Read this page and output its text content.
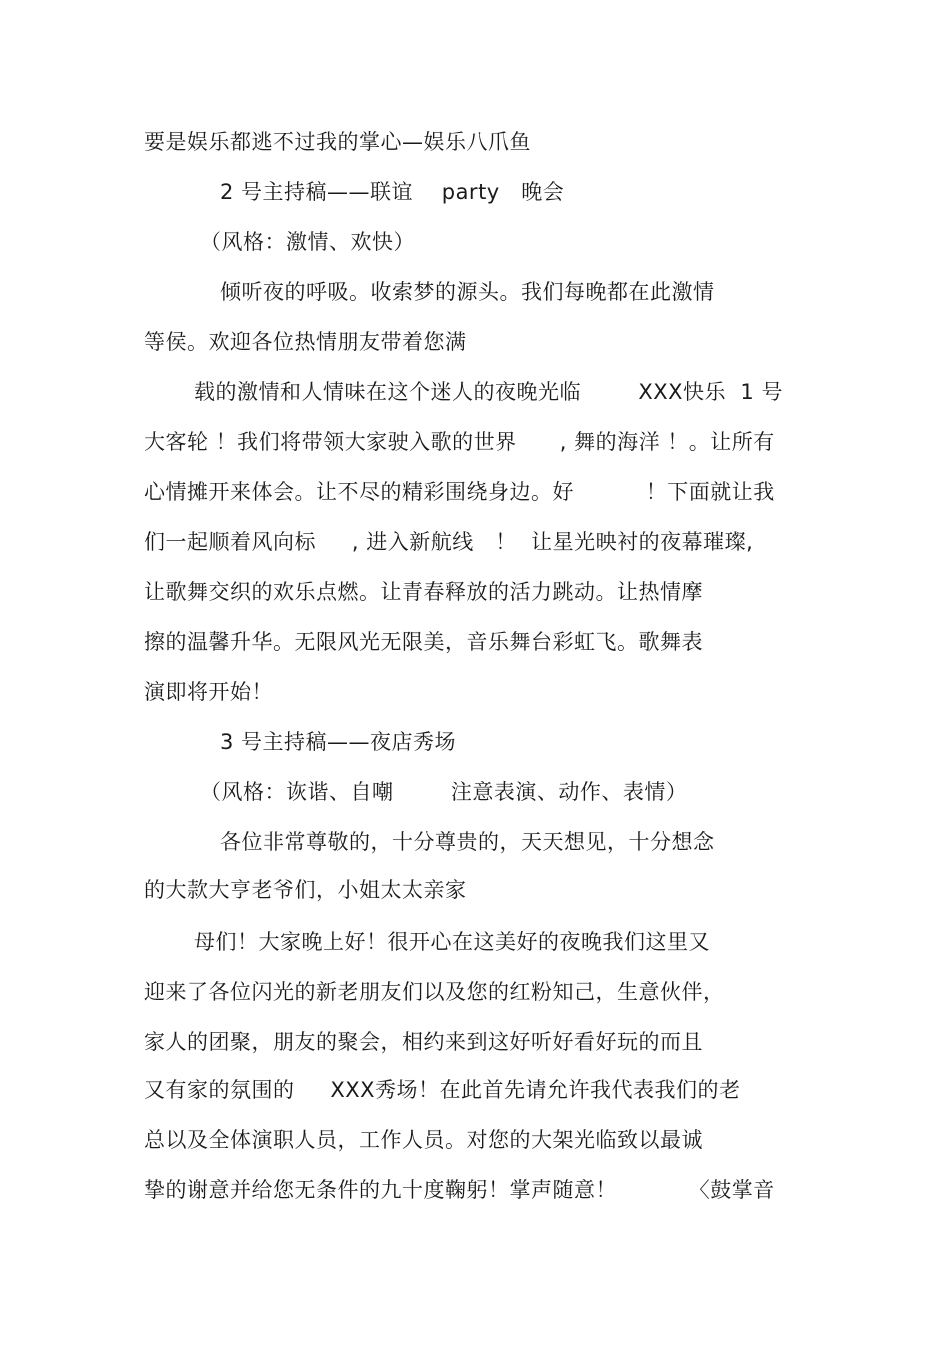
要是娱乐都逃不过我的掌心—娱乐八爪鱼
2 号主持稿——联谊    party   晚会
（风格：激情、欢快）
倾听夜的呼吸。收索梦的源头。我们每晚都在此激情
等侯。欢迎各位热情朋友带着您满
载的激情和人情味在这个迷人的夜晚光临        XXX快乐  1 号
大客轮 ！我们将带领大家驶入歌的世界      , 舞的海洋 ！。让所有
心情摊开来体会。让不尽的精彩围绕身边。好          ！下面就让我
们一起顺着风向标     , 进入新航线   ！  让星光映衬的夜幕璀璨,
让歌舞交织的欢乐点燃。让青春释放的活力跳动。让热情摩
擦的温馨升华。无限风光无限美，音乐舞台彩虹飞。歌舞表
演即将开始！
3 号主持稿——夜店秀场
（风格：诙谐、自嘲        注意表演、动作、表情）
各位非常尊敬的，十分尊贵的，天天想见，十分想念
的大款大亨老爷们，小姐太太亲家
母们！大家晚上好！很开心在这美好的夜晚我们这里又
迎来了各位闪光的新老朋友们以及您的红粉知己，生意伙伴，
家人的团聚，朋友的聚会，相约来到这好听好看好玩的而且
又有家的氛围的     XXX秀场！在此首先请允许我代表我们的老
总以及全体演职人员，工作人员。对您的大架光临致以最诚
挚的谢意并给您无条件的九十度鞠躬！掌声随意！          〈鼓掌音
